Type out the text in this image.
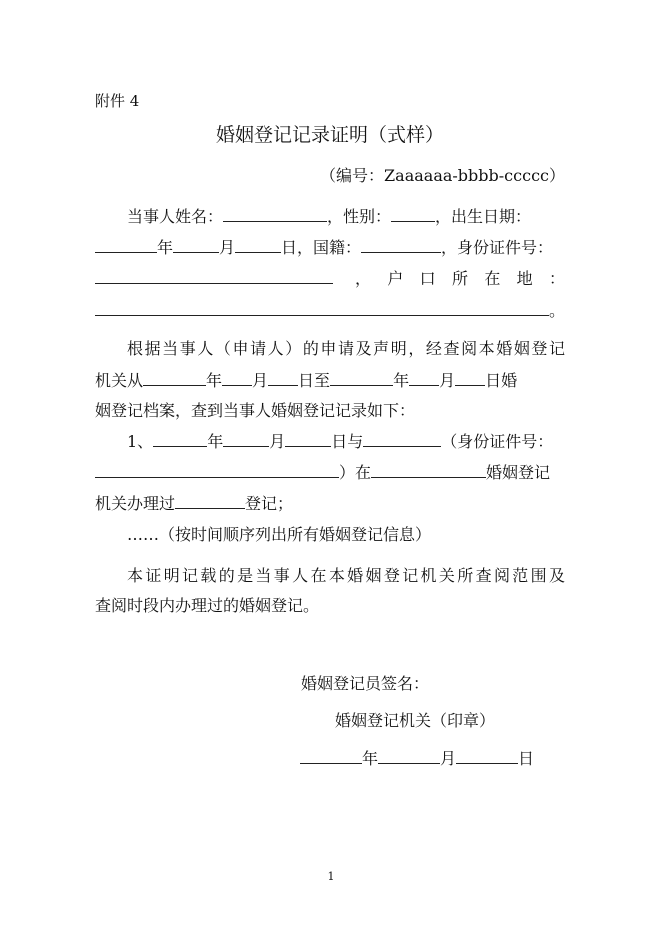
附件 4
婚姻登记记录证明（式样）
（编号：Zaaaaaa-bbbb-ccccc）
当事人姓名：	，性别：	，出生日期：
年	月	日，国籍：	，身份证件号：
， 户 口 所 在 地 ：
。
根据当事人（申请人）的申请及声明，经查阅本婚姻登记
机关从	年 月 日至	年 月 日婚
姻登记档案，查到当事人婚姻登记记录如下：
1、	年	月	日与	（身份证件号：
）在	婚姻登记
机关办理过	登记；
……（按时间顺序列出所有婚姻登记信息）
本证明记载的是当事人在本婚姻登记机关所查阅范围及
查阅时段内办理过的婚姻登记。
婚姻登记员签名：
婚姻登记机关（印章）
年	月	日
1
